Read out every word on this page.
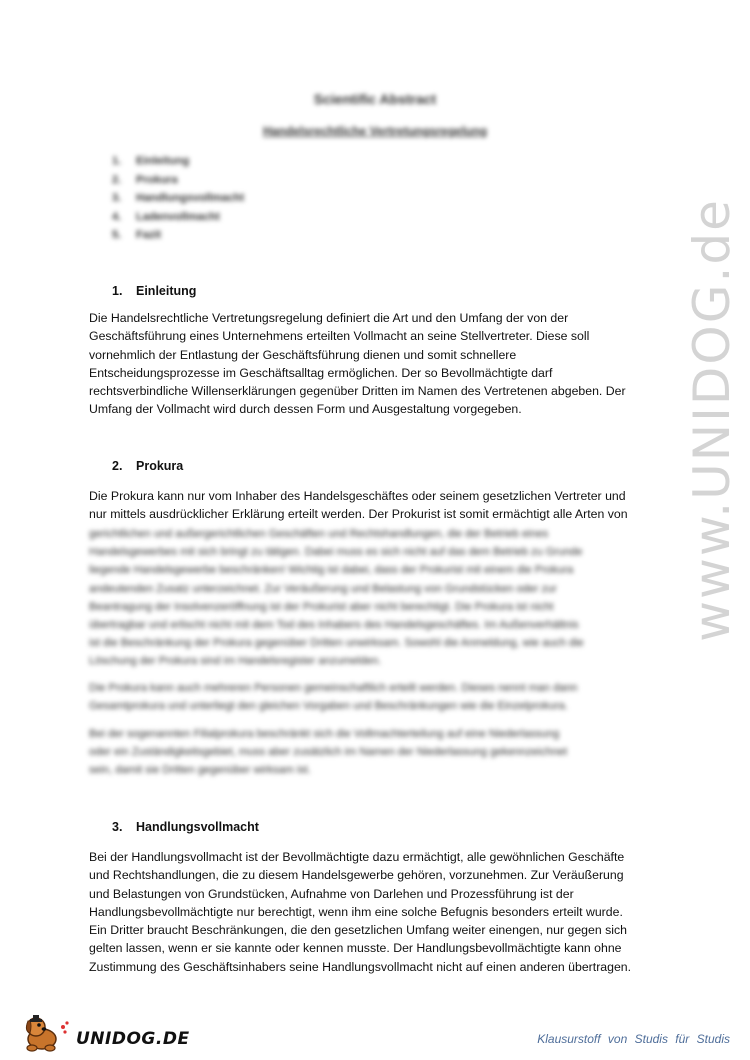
Scientific Abstract
Handelsrechtliche Vertretungsregelung
1. Einleitung
2. Prokura
3. Handlungsvollmacht
4. Ladenvollmacht
5. Fazit
1. Einleitung
Die Handelsrechtliche Vertretungsregelung definiert die Art und den Umfang der von der
Geschäftsführung eines Unternehmens erteilten Vollmacht an seine Stellvertreter. Diese soll
vornehmlich der Entlastung der Geschäftsführung dienen und somit schnellere
Entscheidungsprozesse im Geschäftsalltag ermöglichen. Der so Bevollmächtigte darf
rechtsverbindliche Willenserklärungen gegenüber Dritten im Namen des Vertretenen abgeben. Der
Umfang der Vollmacht wird durch dessen Form und Ausgestaltung vorgegeben.
2. Prokura
Die Prokura kann nur vom Inhaber des Handelsgeschäftes oder seinem gesetzlichen Vertreter und
nur mittels ausdrücklicher Erklärung erteilt werden. Der Prokurist ist somit ermächtigt alle Arten von
gerichtlichen und außergerichtlichen Geschäften und Rechtshandlungen, die der Betrieb eines
Handelsgewerbes mit sich bringt zu tätigen. Dabei muss es sich nicht auf das dem Betrieb zu Grunde
liegende Handelsgewerbe beschränken! Wichtig ist dabei, dass der Prokurist mit einem die Prokura
andeutenden Zusatz unterzeichnet. Zur Veräußerung und Belastung von Grundstücken oder zur
Beantragung der Insolvenzeröffnung ist der Prokurist aber nicht berechtigt. Die Prokura ist nicht
übertragbar und erlischt nicht mit dem Tod des Inhabers des Handelsgeschäftes. Im Außenverhältnis
ist die Beschränkung der Prokura gegenüber Dritten unwirksam. Sowohl die Anmeldung, wie auch die
Löschung der Prokura sind im Handelsregister anzumelden.
Die Prokura kann auch mehreren Personen gemeinschaftlich erteilt werden. Dieses nennt man dann
Gesamtprokura und unterliegt den gleichen Vorgaben und Beschränkungen wie die Einzelprokura.
Bei der sogenannten Filialprokura beschränkt sich die Vollmachterteilung auf eine Niederlassung
oder ein Zuständigkeitsgebiet, muss aber zusätzlich im Namen der Niederlassung gekennzeichnet
sein, damit sie Dritten gegenüber wirksam ist.
3. Handlungsvollmacht
Bei der Handlungsvollmacht ist der Bevollmächtigte dazu ermächtigt, alle gewöhnlichen Geschäfte
und Rechtshandlungen, die zu diesem Handelsgewerbe gehören, vorzunehmen. Zur Veräußerung
und Belastungen von Grundstücken, Aufnahme von Darlehen und Prozessführung ist der
Handlungsbevollmächtigte nur berechtigt, wenn ihm eine solche Befugnis besonders erteilt wurde.
Ein Dritter braucht Beschränkungen, die den gesetzlichen Umfang weiter einengen, nur gegen sich
gelten lassen, wenn er sie kannte oder kennen musste. Der Handlungsbevollmächtigte kann ohne
Zustimmung des Geschäftsinhabers seine Handlungsvollmacht nicht auf einen anderen übertragen.
www.UNIDOG.de
UNIDOG.DE	Klausurstoff von Studis für Studis
